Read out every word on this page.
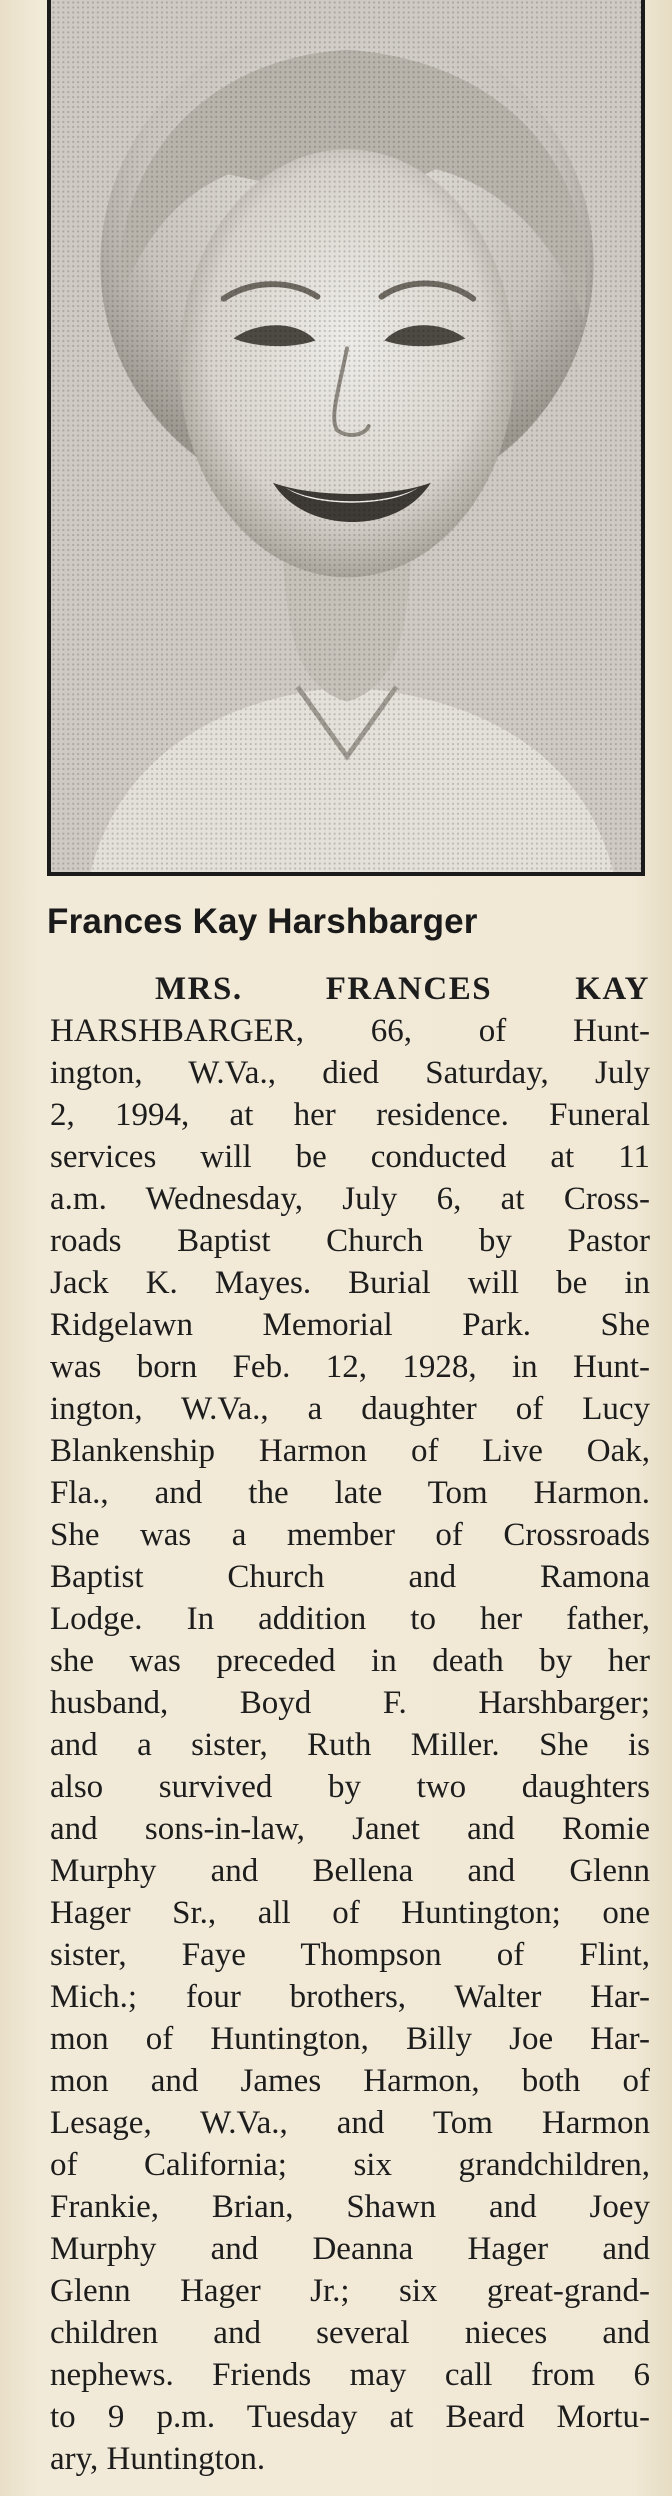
Frances Kay Harshbarger
MRS. FRANCES KAY
HARSHBARGER, 66, of Hunt-
ington, W.Va., died Saturday, July
2, 1994, at her residence. Funeral
services will be conducted at 11
a.m. Wednesday, July 6, at Cross-
roads Baptist Church by Pastor
Jack K. Mayes. Burial will be in
Ridgelawn Memorial Park. She
was born Feb. 12, 1928, in Hunt-
ington, W.Va., a daughter of Lucy
Blankenship Harmon of Live Oak,
Fla., and the late Tom Harmon.
She was a member of Crossroads
Baptist Church and Ramona
Lodge. In addition to her father,
she was preceded in death by her
husband, Boyd F. Harshbarger;
and a sister, Ruth Miller. She is
also survived by two daughters
and sons-in-law, Janet and Romie
Murphy and Bellena and Glenn
Hager Sr., all of Huntington; one
sister, Faye Thompson of Flint,
Mich.; four brothers, Walter Har-
mon of Huntington, Billy Joe Har-
mon and James Harmon, both of
Lesage, W.Va., and Tom Harmon
of California; six grandchildren,
Frankie, Brian, Shawn and Joey
Murphy and Deanna Hager and
Glenn Hager Jr.; six great-grand-
children and several nieces and
nephews. Friends may call from 6
to 9 p.m. Tuesday at Beard Mortu-
ary, Huntington.
